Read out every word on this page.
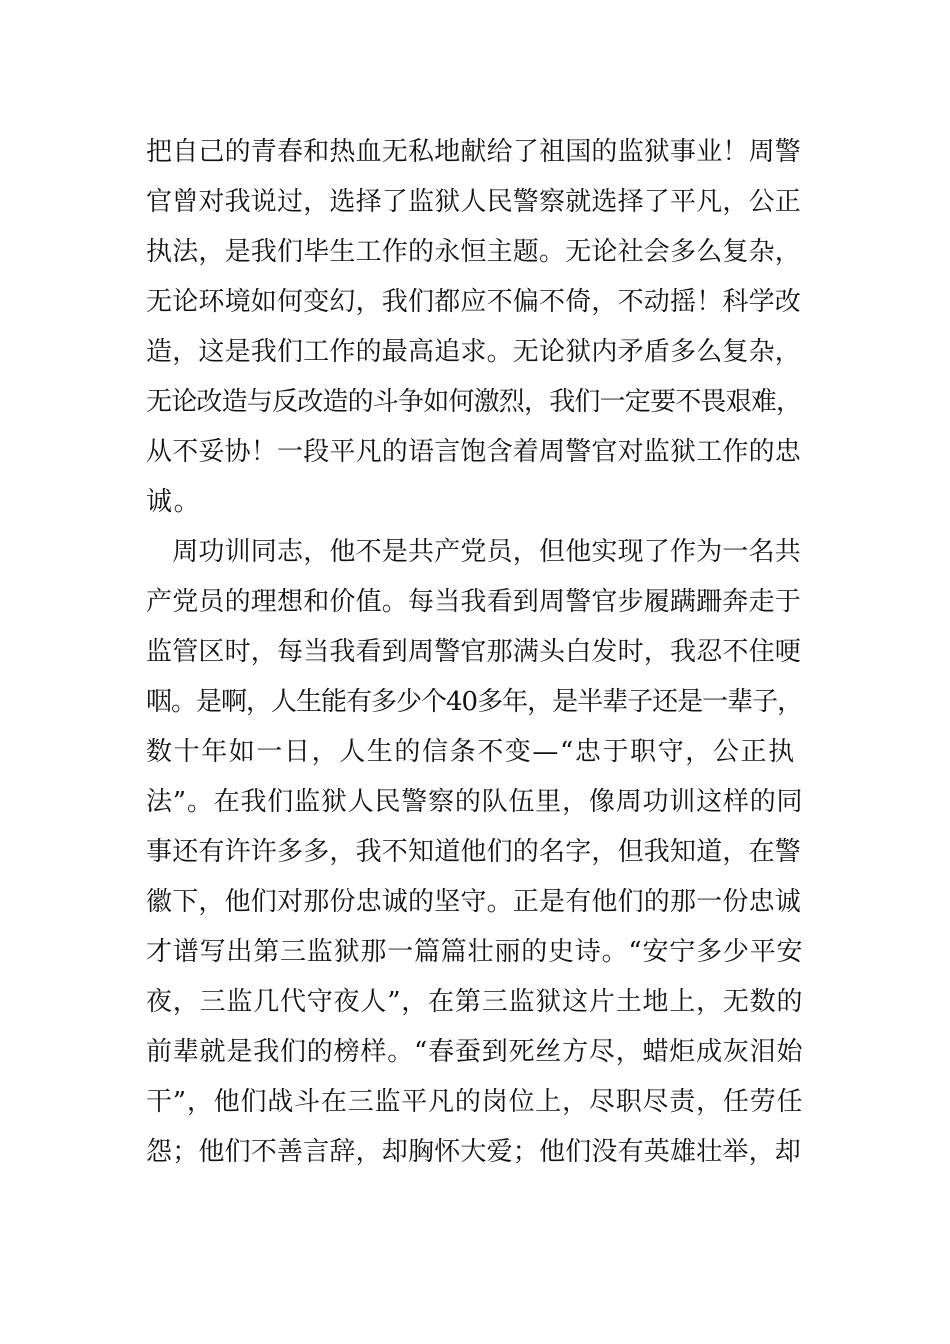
把自己的青春和热血无私地献给了祖国的监狱事业！周警
官曾对我说过，选择了监狱人民警察就选择了平凡，公正
执法，是我们毕生工作的永恒主题。无论社会多么复杂，
无论环境如何变幻，我们都应不偏不倚，不动摇！科学改
造，这是我们工作的最高追求。无论狱内矛盾多么复杂，
无论改造与反改造的斗争如何激烈，我们一定要不畏艰难，
从不妥协！一段平凡的语言饱含着周警官对监狱工作的忠
诚。
　周功训同志，他不是共产党员，但他实现了作为一名共
产党员的理想和价值。每当我看到周警官步履蹒跚奔走于
监管区时，每当我看到周警官那满头白发时，我忍不住哽
咽。是啊，人生能有多少个40多年，是半辈子还是一辈子，
数十年如一日，人生的信条不变—“忠于职守，公正执
法”。在我们监狱人民警察的队伍里，像周功训这样的同
事还有许许多多，我不知道他们的名字，但我知道，在警
徽下，他们对那份忠诚的坚守。正是有他们的那一份忠诚
才谱写出第三监狱那一篇篇壮丽的史诗。“安宁多少平安
夜，三监几代守夜人”，在第三监狱这片土地上，无数的
前辈就是我们的榜样。“春蚕到死丝方尽，蜡炬成灰泪始
干”，他们战斗在三监平凡的岗位上，尽职尽责，任劳任
怨；他们不善言辞，却胸怀大爱；他们没有英雄壮举，却
